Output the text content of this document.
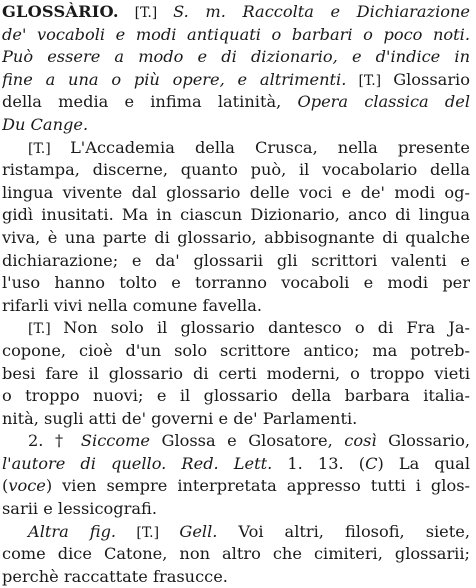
GLOSSÀRIO. [T.] S. m. Raccolta e Dichiarazione
de' vocaboli e modi antiquati o barbari o poco noti.
Può essere a modo e di dizionario, e d'indice in
fine a una o più opere, e altrimenti. [T.] Glossario
della media e infima latinità, Opera classica del
Du Cange.
[T.] L'Accademia della Crusca, nella presente
ristampa, discerne, quanto può, il vocabolario della
lingua vivente dal glossario delle voci e de' modi og-
gidì inusitati. Ma in ciascun Dizionario, anco di lingua
viva, è una parte di glossario, abbisognante di qualche
dichiarazione; e da' glossarii gli scrittori valenti e
l'uso hanno tolto e torranno vocaboli e modi per
rifarli vivi nella comune favella.
[T.] Non solo il glossario dantesco o di Fra Ja-
copone, cioè d'un solo scrittore antico; ma potreb-
besi fare il glossario di certi moderni, o troppo vieti
o troppo nuovi; e il glossario della barbara italia-
nità, sugli atti de' governi e de' Parlamenti.
2. † Siccome Glossa e Glosatore, così Glossario,
l'autore di quello. Red. Lett. 1. 13. (C) La qual
(voce) vien sempre interpretata appresso tutti i glos-
sarii e lessicografi.
Altra fig. [T.] Gell. Voi altri, filosofi, siete,
come dice Catone, non altro che cimiteri, glossarii;
perchè raccattate frasucce.
